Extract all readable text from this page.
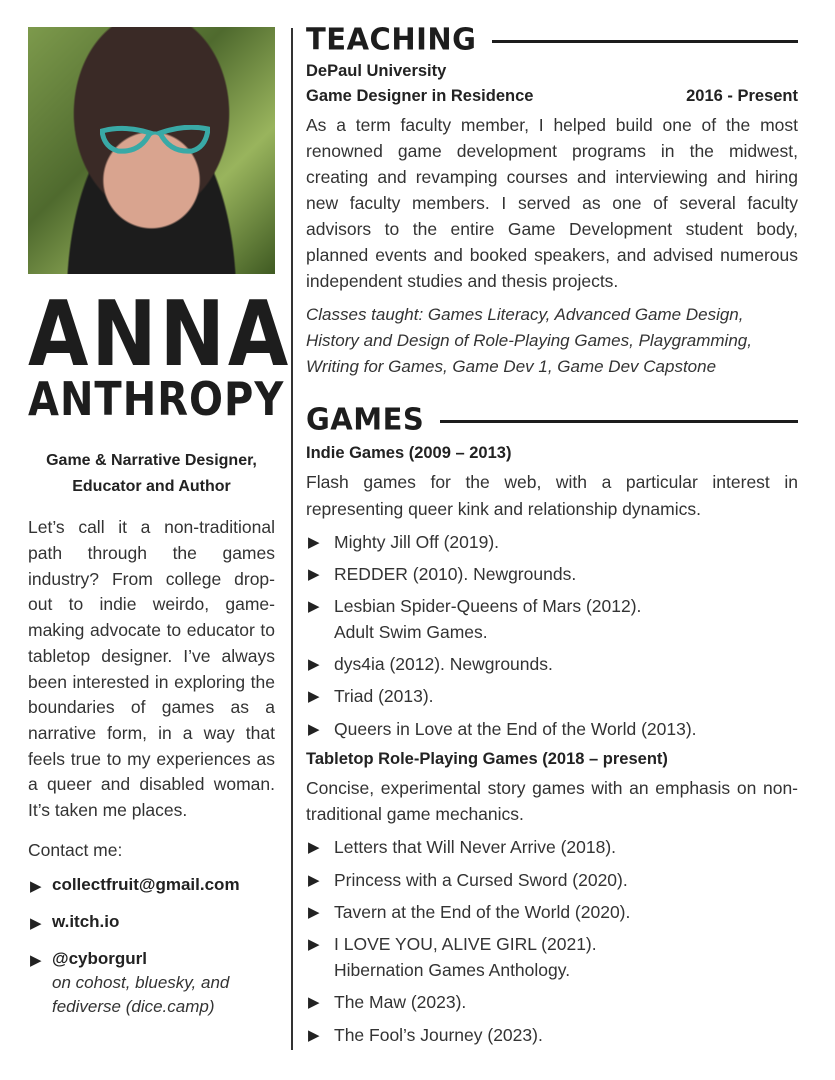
ANNA
ANTHROPY
Game & Narrative Designer,
Educator and Author
Let’s call it a non-traditional path through the games industry? From college drop-out to indie weirdo, game-making advocate to educator to tabletop designer. I’ve always been interested in exploring the boundaries of games as a narrative form, in a way that feels true to my experiences as a queer and disabled woman. It’s taken me places.
Contact me:
▶ collectfruit@gmail.com
▶ w.itch.io
▶ @cyborgurl
on cohost, bluesky, and fediverse (dice.camp)
TEACHING
DePaul University
Game Designer in Residence	2016 - Present
As a term faculty member, I helped build one of the most renowned game development programs in the midwest, creating and revamping courses and interviewing and hiring new faculty members. I served as one of several faculty advisors to the entire Game Development student body, planned events and booked speakers, and advised numerous independent studies and thesis projects.
Classes taught: Games Literacy, Advanced Game Design, History and Design of Role-Playing Games, Playgramming, Writing for Games, Game Dev 1, Game Dev Capstone
GAMES
Indie Games (2009 – 2013)
Flash games for the web, with a particular interest in representing queer kink and relationship dynamics.
▶ Mighty Jill Off (2019).
▶ REDDER (2010). Newgrounds.
▶ Lesbian Spider-Queens of Mars (2012).
Adult Swim Games.
▶ dys4ia (2012). Newgrounds.
▶ Triad (2013).
▶ Queers in Love at the End of the World (2013).
Tabletop Role-Playing Games (2018 – present)
Concise, experimental story games with an emphasis on non-traditional game mechanics.
▶ Letters that Will Never Arrive (2018).
▶ Princess with a Cursed Sword (2020).
▶ Tavern at the End of the World (2020).
▶ I LOVE YOU, ALIVE GIRL (2021).
Hibernation Games Anthology.
▶ The Maw (2023).
▶ The Fool’s Journey (2023).
